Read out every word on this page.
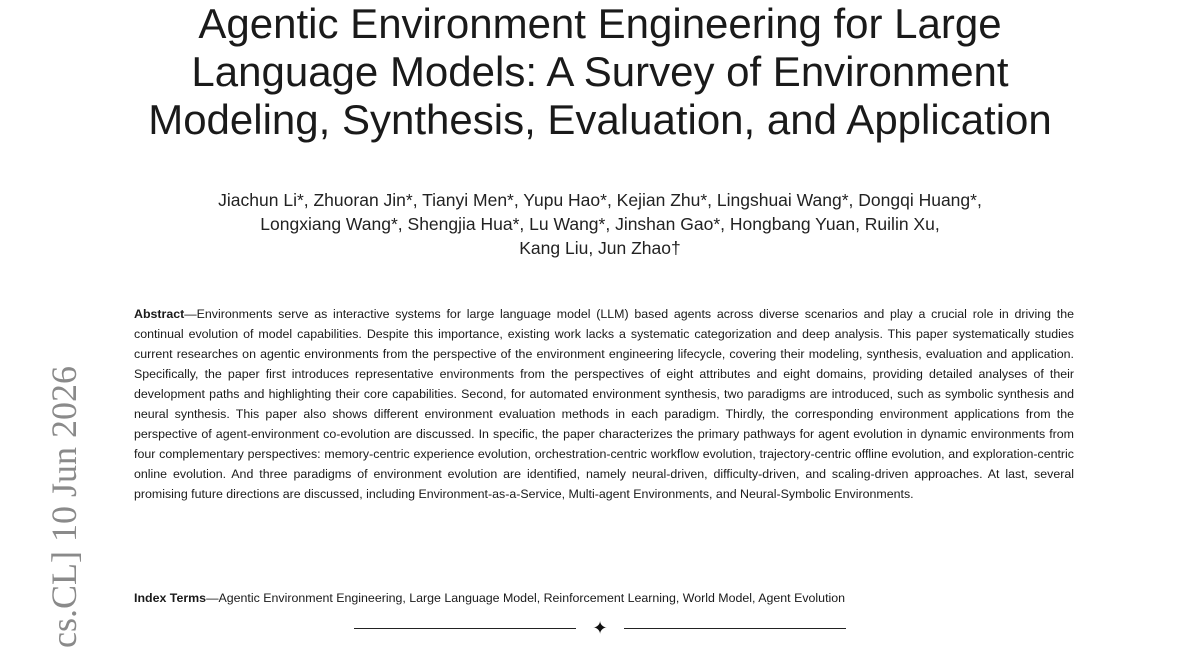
cs.CL] 10 Jun 2026
Agentic Environment Engineering for Large
Language Models: A Survey of Environment
Modeling, Synthesis, Evaluation, and Application
Jiachun Li*, Zhuoran Jin*, Tianyi Men*, Yupu Hao*, Kejian Zhu*, Lingshuai Wang*, Dongqi Huang*,
Longxiang Wang*, Shengjia Hua*, Lu Wang*, Jinshan Gao*, Hongbang Yuan, Ruilin Xu,
Kang Liu, Jun Zhao†
Abstract—Environments serve as interactive systems for large language model (LLM) based agents across diverse scenarios and play a crucial role in driving the continual evolution of model capabilities. Despite this importance, existing work lacks a systematic categorization and deep analysis. This paper systematically studies current researches on agentic environments from the perspective of the environment engineering lifecycle, covering their modeling, synthesis, evaluation and application. Specifically, the paper first introduces representative environments from the perspectives of eight attributes and eight domains, providing detailed analyses of their development paths and highlighting their core capabilities. Second, for automated environment synthesis, two paradigms are introduced, such as symbolic synthesis and neural synthesis. This paper also shows different environment evaluation methods in each paradigm. Thirdly, the corresponding environment applications from the perspective of agent-environment co-evolution are discussed. In specific, the paper characterizes the primary pathways for agent evolution in dynamic environments from four complementary perspectives: memory-centric experience evolution, orchestration-centric workflow evolution, trajectory-centric offline evolution, and exploration-centric online evolution. And three paradigms of environment evolution are identified, namely neural-driven, difficulty-driven, and scaling-driven approaches. At last, several promising future directions are discussed, including Environment-as-a-Service, Multi-agent Environments, and Neural-Symbolic Environments.
Index Terms—Agentic Environment Engineering, Large Language Model, Reinforcement Learning, World Model, Agent Evolution
✦
